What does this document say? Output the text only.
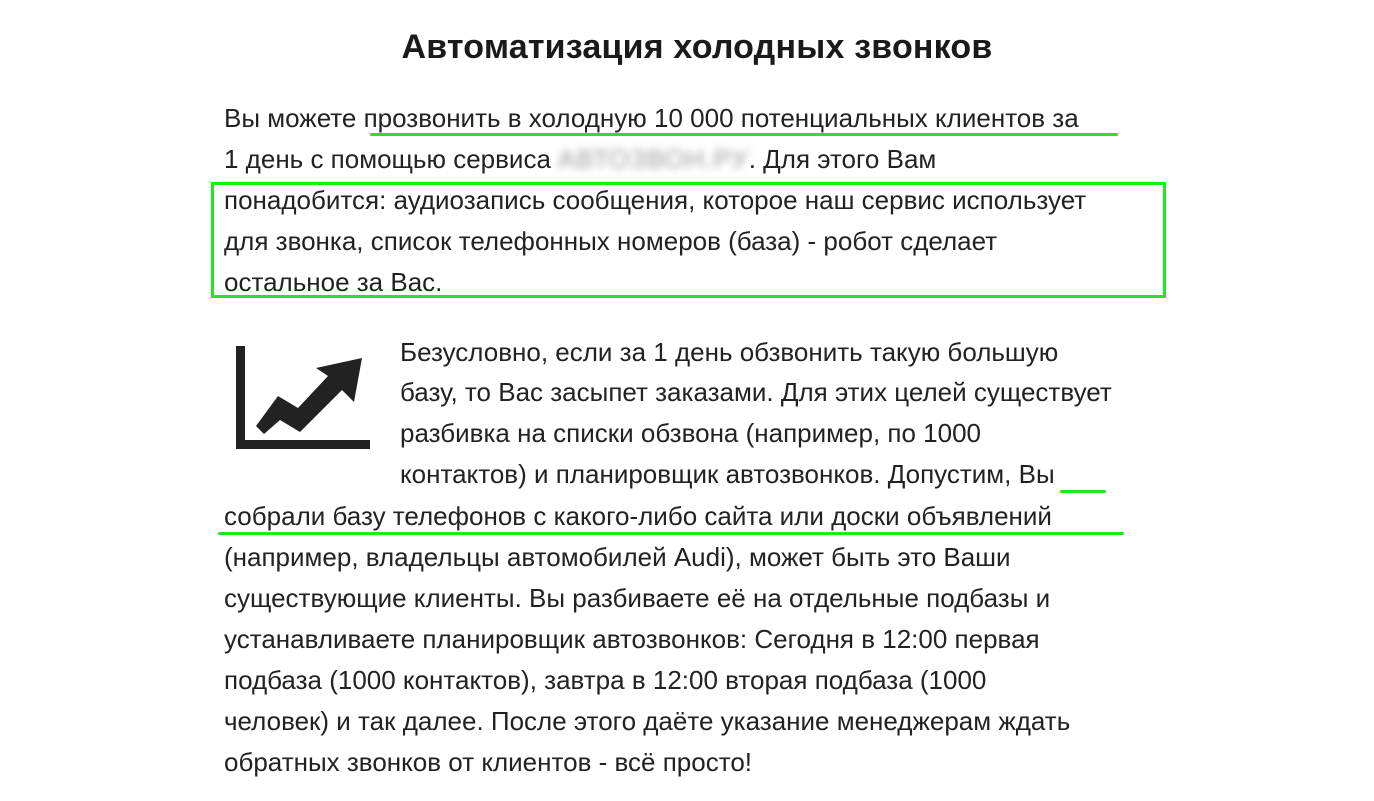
Автоматизация холодных звонков
Вы можете прозвонить в холодную 10 000 потенциальных клиентов за
1 день с помощью сервиса АВТОЗВОН.РУ. Для этого Вам
понадобится: аудиозапись сообщения, которое наш сервис использует
для звонка, список телефонных номеров (база) - робот сделает
остальное за Вас.
Безусловно, если за 1 день обзвонить такую большую
базу, то Вас засыпет заказами. Для этих целей существует
разбивка на списки обзвона (например, по 1000
контактов) и планировщик автозвонков. Допустим, Вы
собрали базу телефонов с какого-либо сайта или доски объявлений
(например, владельцы автомобилей Audi), может быть это Ваши
существующие клиенты. Вы разбиваете её на отдельные подбазы и
устанавливаете планировщик автозвонков: Сегодня в 12:00 первая
подбаза (1000 контактов), завтра в 12:00 вторая подбаза (1000
человек) и так далее. После этого даёте указание менеджерам ждать
обратных звонков от клиентов - всё просто!
